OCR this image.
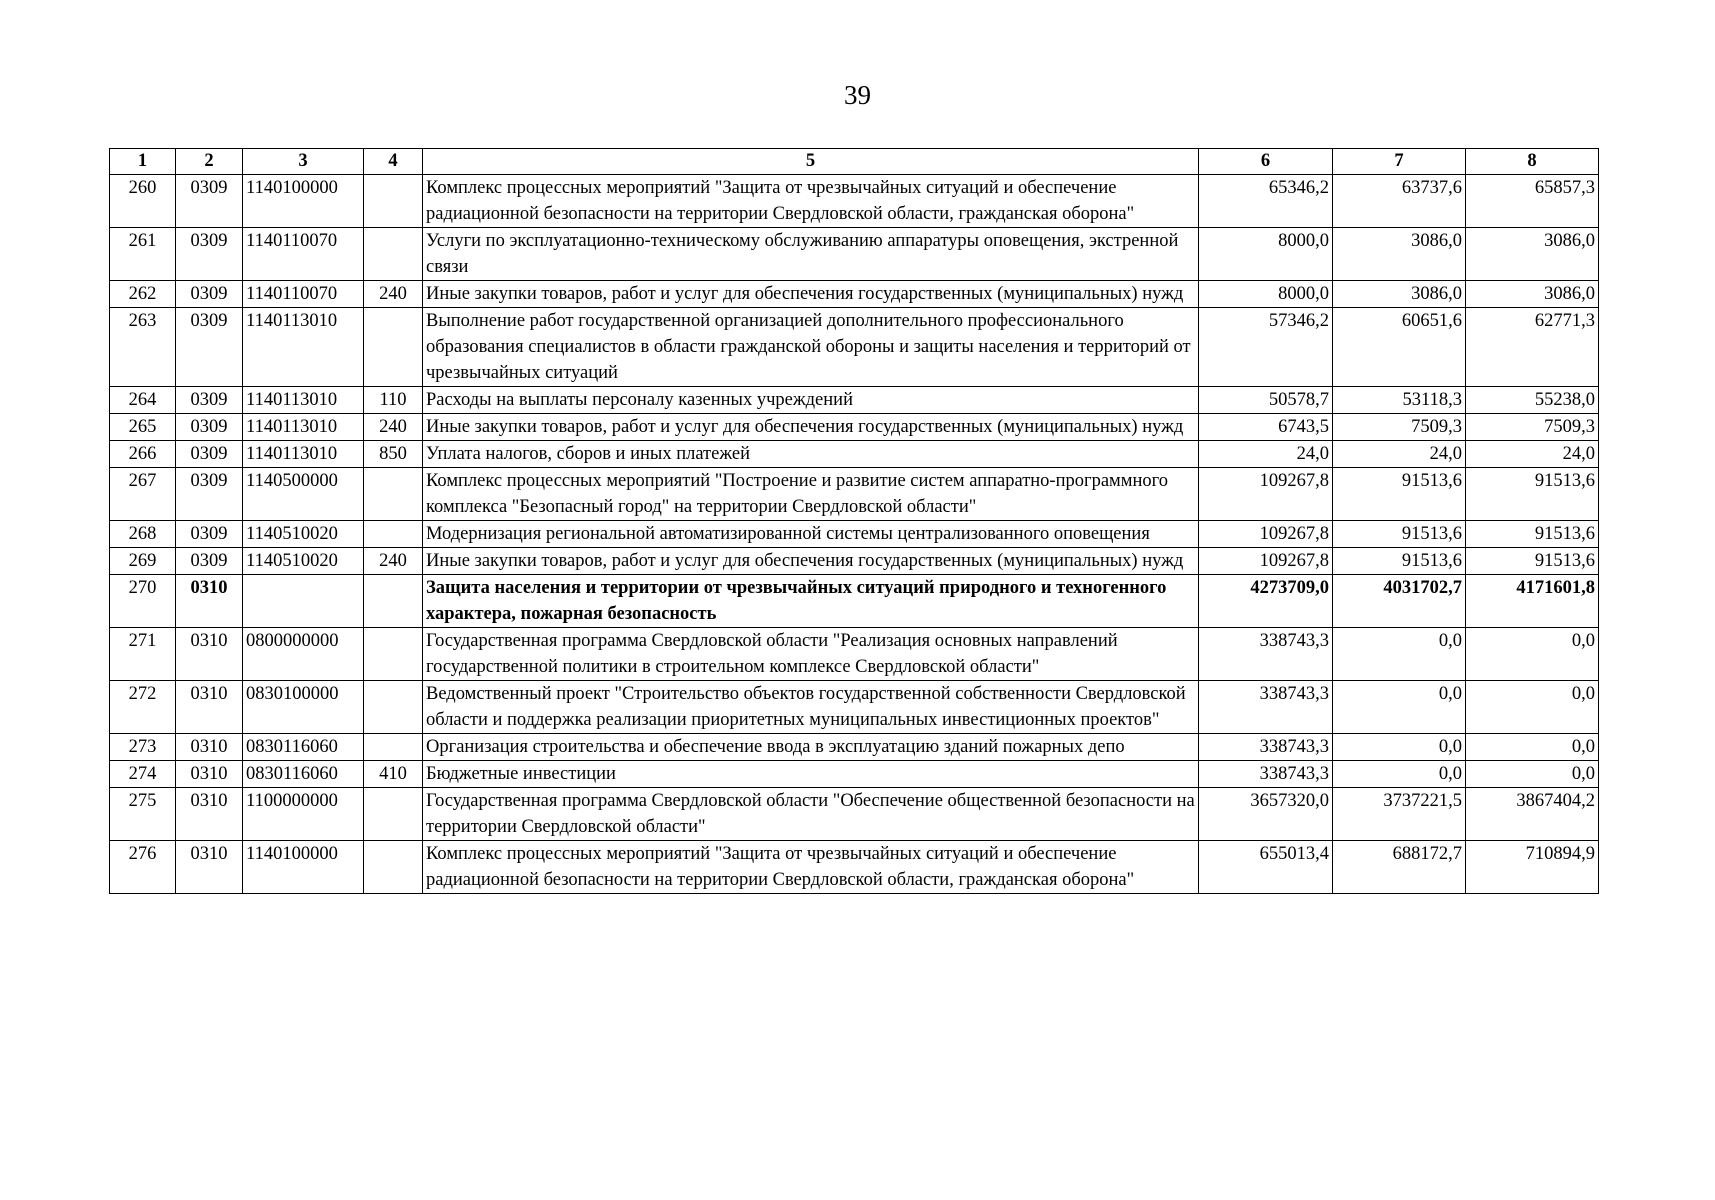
39
1	2	3	4	5	6	7	8
260	0309	1140100000		Комплекс процессных мероприятий "Защита от чрезвычайных ситуаций и обеспечение радиационной безопасности на территории Свердловской области, гражданская оборона"	65346,2	63737,6	65857,3
261	0309	1140110070		Услуги по эксплуатационно-техническому обслуживанию аппаратуры оповещения, экстренной связи	8000,0	3086,0	3086,0
262	0309	1140110070	240	Иные закупки товаров, работ и услуг для обеспечения государственных (муниципальных) нужд	8000,0	3086,0	3086,0
263	0309	1140113010		Выполнение работ государственной организацией дополнительного профессионального образования специалистов в области гражданской обороны и защиты населения и территорий от чрезвычайных ситуаций	57346,2	60651,6	62771,3
264	0309	1140113010	110	Расходы на выплаты персоналу казенных учреждений	50578,7	53118,3	55238,0
265	0309	1140113010	240	Иные закупки товаров, работ и услуг для обеспечения государственных (муниципальных) нужд	6743,5	7509,3	7509,3
266	0309	1140113010	850	Уплата налогов, сборов и иных платежей	24,0	24,0	24,0
267	0309	1140500000		Комплекс процессных мероприятий "Построение и развитие систем аппаратно-программного комплекса "Безопасный город" на территории Свердловской области"	109267,8	91513,6	91513,6
268	0309	1140510020		Модернизация региональной автоматизированной системы централизованного оповещения	109267,8	91513,6	91513,6
269	0309	1140510020	240	Иные закупки товаров, работ и услуг для обеспечения государственных (муниципальных) нужд	109267,8	91513,6	91513,6
270	0310			Защита населения и территории от чрезвычайных ситуаций природного и техногенного характера, пожарная безопасность	4273709,0	4031702,7	4171601,8
271	0310	0800000000		Государственная программа Свердловской области "Реализация основных направлений государственной политики в строительном комплексе Свердловской области"	338743,3	0,0	0,0
272	0310	0830100000		Ведомственный проект "Строительство объектов государственной собственности Свердловской области и поддержка реализации приоритетных муниципальных инвестиционных проектов"	338743,3	0,0	0,0
273	0310	0830116060		Организация строительства и обеспечение ввода в эксплуатацию зданий пожарных депо	338743,3	0,0	0,0
274	0310	0830116060	410	Бюджетные инвестиции	338743,3	0,0	0,0
275	0310	1100000000		Государственная программа Свердловской области "Обеспечение общественной безопасности на территории Свердловской области"	3657320,0	3737221,5	3867404,2
276	0310	1140100000		Комплекс процессных мероприятий "Защита от чрезвычайных ситуаций и обеспечение радиационной безопасности на территории Свердловской области, гражданская оборона"	655013,4	688172,7	710894,9
